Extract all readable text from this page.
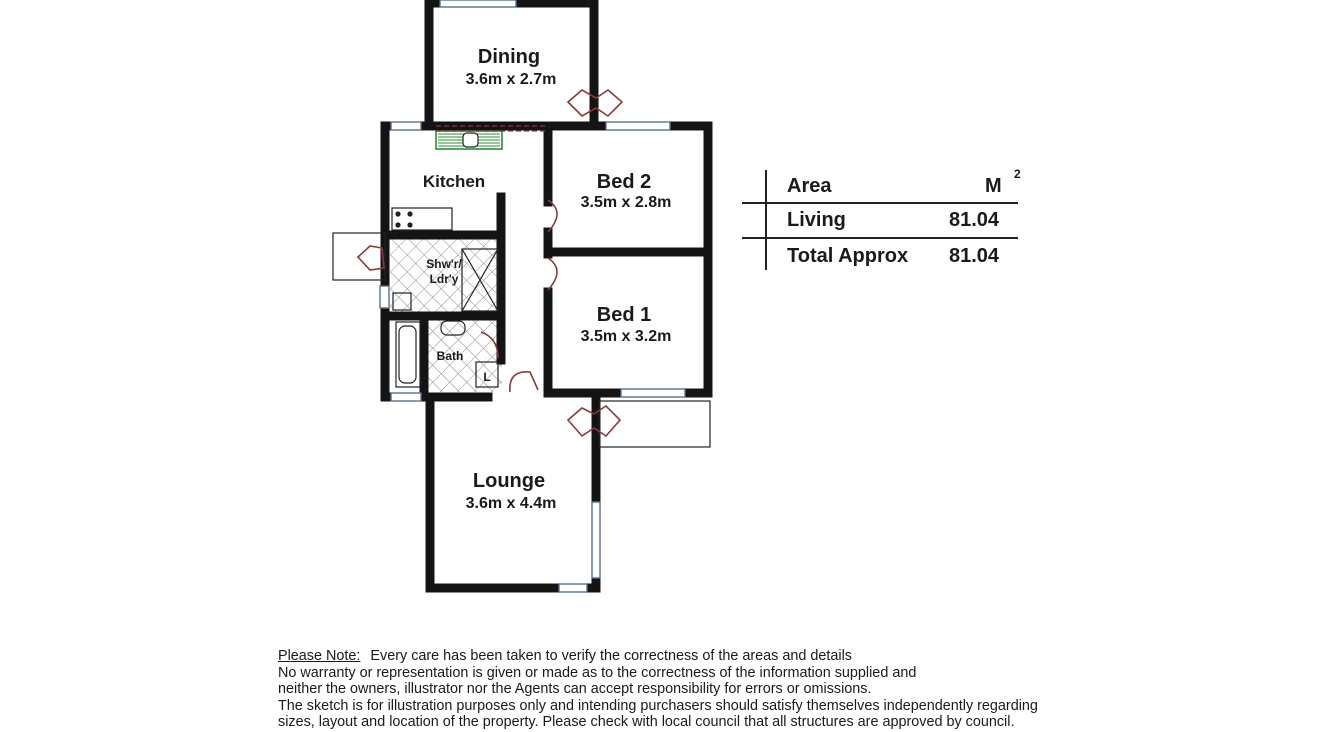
Dining
3.6m x 2.7m
Kitchen	Bed 2
3.5m x 2.8m
Bed 1
3.5m x 3.2m
Shw'r/
Ldr'y
Bath
L
Lounge
3.6m x 4.4m
Area	M
2
Living	81.04
Total Approx 81.04
Please Note: Every care has been taken to verify the correctness of the areas and details
No warranty or representation is given or made as to the correctness of the information supplied and
neither the owners, illustrator nor the Agents can accept responsibility for errors or omissions.
The sketch is for illustration purposes only and intending purchasers should satisfy themselves independently regarding
sizes, layout and location of the property. Please check with local council that all structures are approved by council.
